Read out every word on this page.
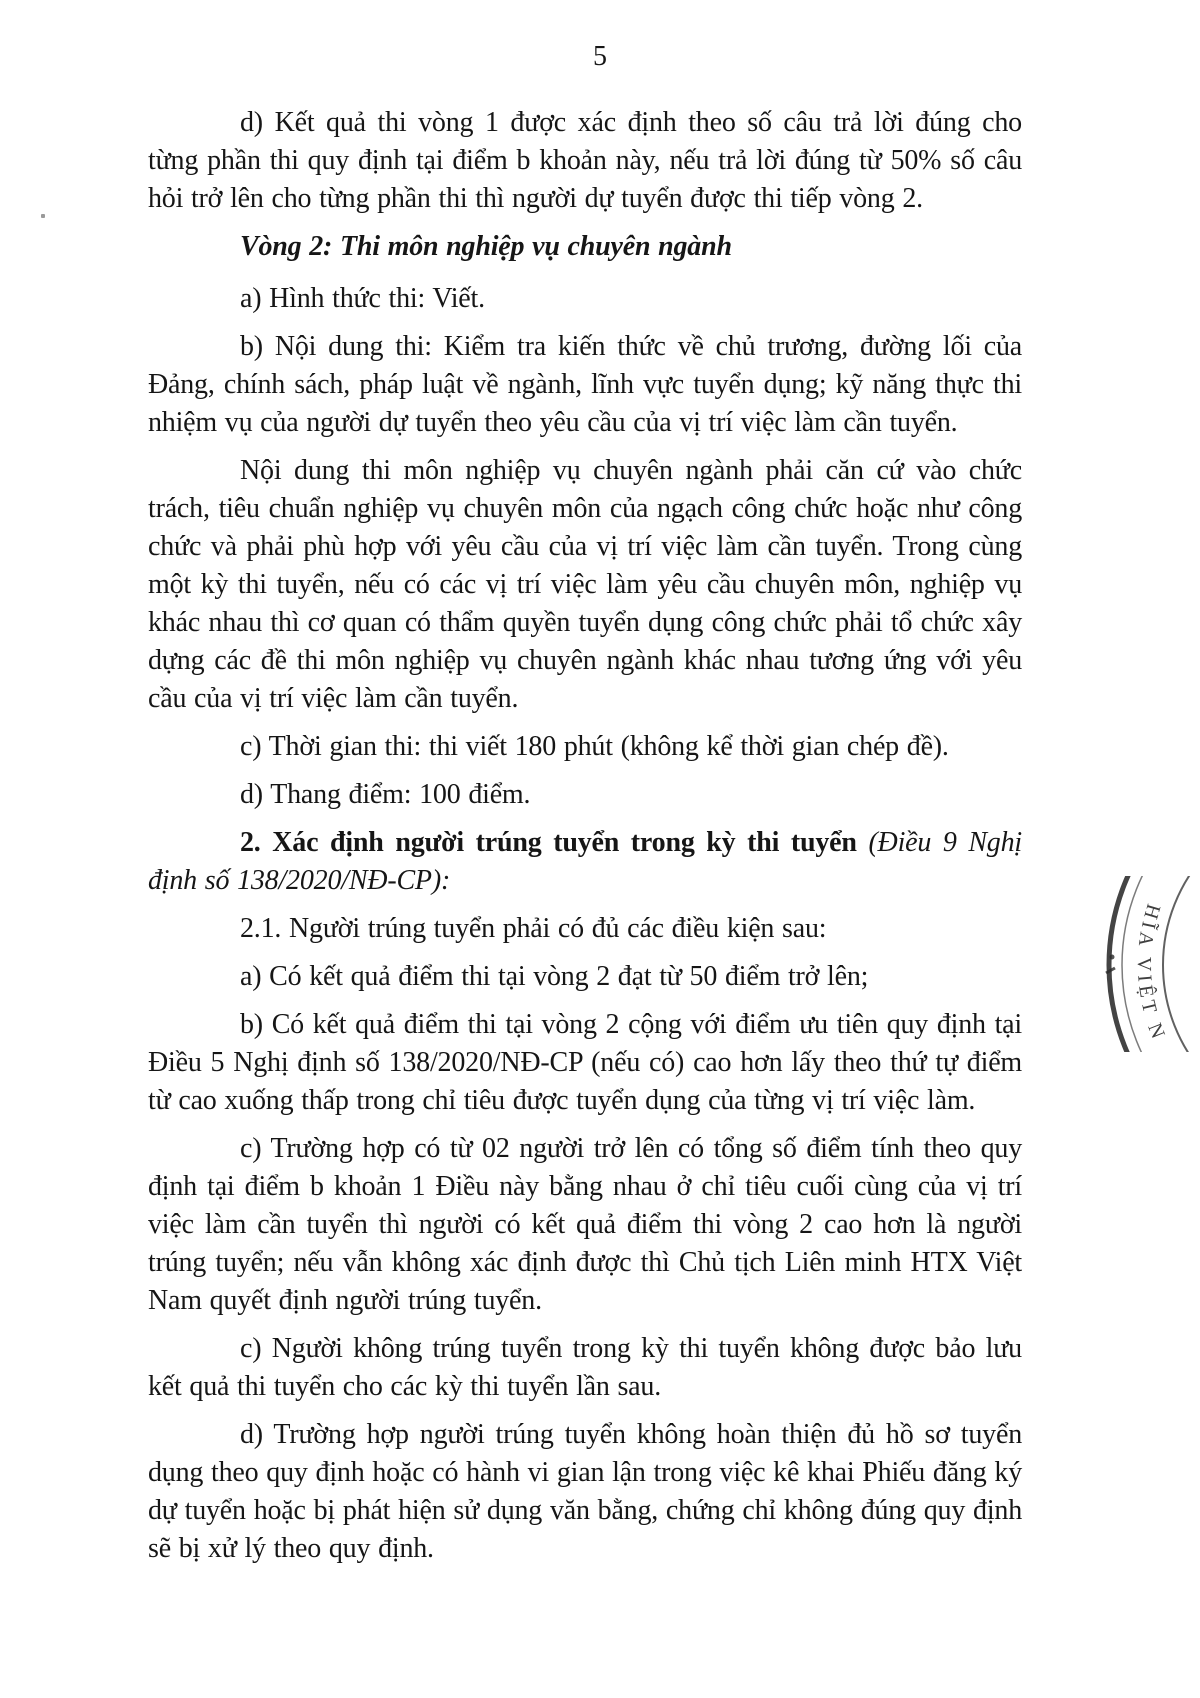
5
d) Kết quả thi vòng 1 được xác định theo số câu trả lời đúng cho từng phần thi quy định tại điểm b khoản này, nếu trả lời đúng từ 50% số câu hỏi trở lên cho từng phần thi thì người dự tuyển được thi tiếp vòng 2.
Vòng 2: Thi môn nghiệp vụ chuyên ngành
a) Hình thức thi: Viết.
b) Nội dung thi: Kiểm tra kiến thức về chủ trương, đường lối của Đảng, chính sách, pháp luật về ngành, lĩnh vực tuyển dụng; kỹ năng thực thi nhiệm vụ của người dự tuyển theo yêu cầu của vị trí việc làm cần tuyển.
Nội dung thi môn nghiệp vụ chuyên ngành phải căn cứ vào chức trách, tiêu chuẩn nghiệp vụ chuyên môn của ngạch công chức hoặc như công chức và phải phù hợp với yêu cầu của vị trí việc làm cần tuyển. Trong cùng một kỳ thi tuyển, nếu có các vị trí việc làm yêu cầu chuyên môn, nghiệp vụ khác nhau thì cơ quan có thẩm quyền tuyển dụng công chức phải tổ chức xây dựng các đề thi môn nghiệp vụ chuyên ngành khác nhau tương ứng với yêu cầu của vị trí việc làm cần tuyển.
c) Thời gian thi: thi viết 180 phút (không kể thời gian chép đề).
d) Thang điểm: 100 điểm.
2. Xác định người trúng tuyển trong kỳ thi tuyển (Điều 9 Nghị định số 138/2020/NĐ-CP):
2.1. Người trúng tuyển phải có đủ các điều kiện sau:
a) Có kết quả điểm thi tại vòng 2 đạt từ 50 điểm trở lên;
b) Có kết quả điểm thi tại vòng 2 cộng với điểm ưu tiên quy định tại Điều 5 Nghị định số 138/2020/NĐ-CP (nếu có) cao hơn lấy theo thứ tự điểm từ cao xuống thấp trong chỉ tiêu được tuyển dụng của từng vị trí việc làm.
c) Trường hợp có từ 02 người trở lên có tổng số điểm tính theo quy định tại điểm b khoản 1 Điều này bằng nhau ở chỉ tiêu cuối cùng của vị trí việc làm cần tuyển thì người có kết quả điểm thi vòng 2 cao hơn là người trúng tuyển; nếu vẫn không xác định được thì Chủ tịch Liên minh HTX Việt Nam quyết định người trúng tuyển.
c) Người không trúng tuyển trong kỳ thi tuyển không được bảo lưu kết quả thi tuyển cho các kỳ thi tuyển lần sau.
d) Trường hợp người trúng tuyển không hoàn thiện đủ hồ sơ tuyển dụng theo quy định hoặc có hành vi gian lận trong việc kê khai Phiếu đăng ký dự tuyển hoặc bị phát hiện sử dụng văn bằng, chứng chỉ không đúng quy định sẽ bị xử lý theo quy định.
HĨA VIỆT N
